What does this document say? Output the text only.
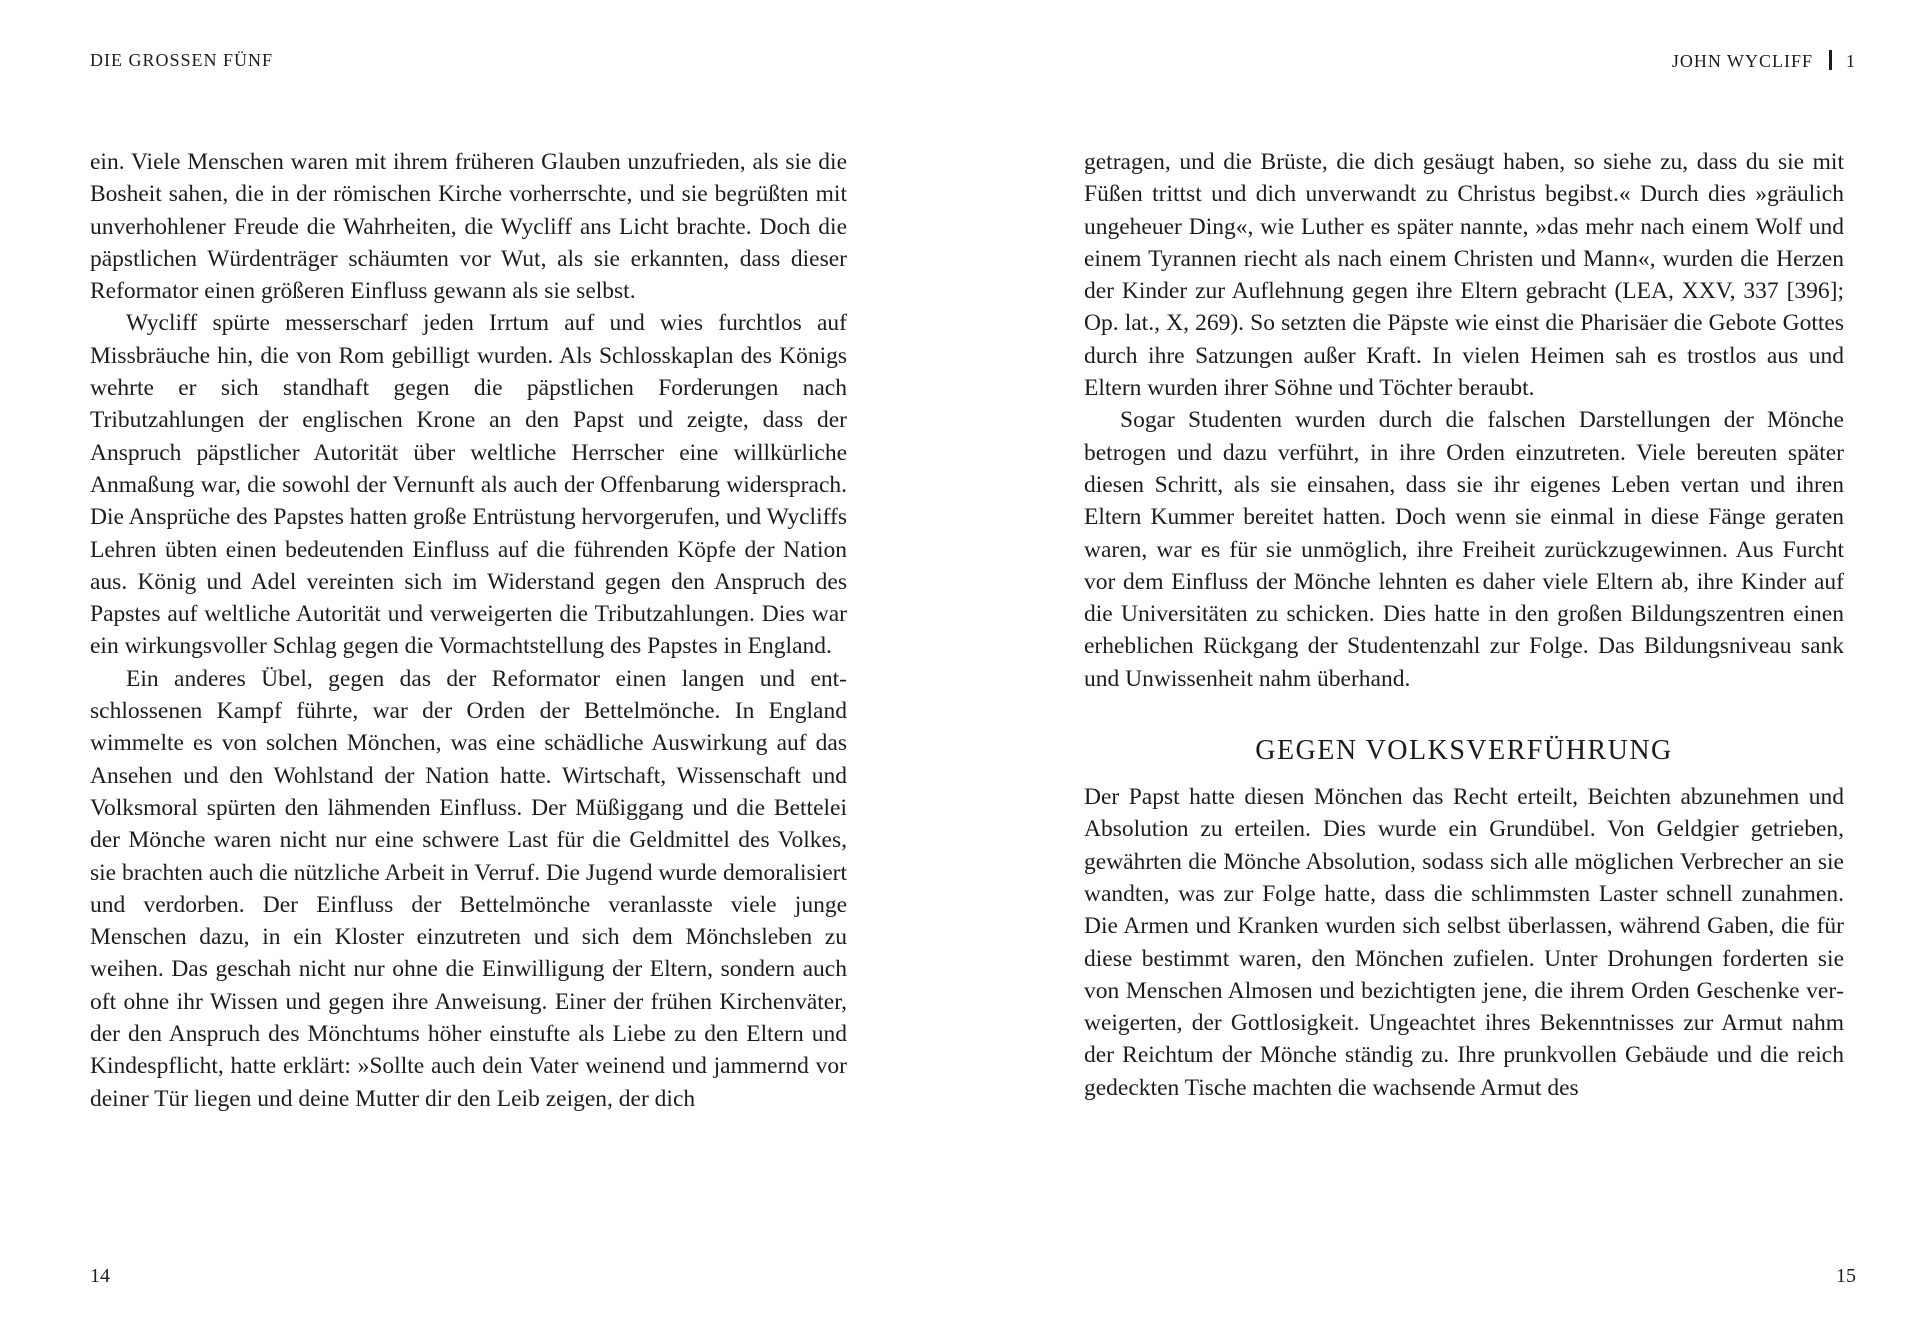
DIE GROSSEN FÜNF

ein. Viele Menschen waren mit ihrem früheren Glauben unzufrieden, als sie die Bosheit sahen, die in der römischen Kirche vorherrschte, und sie begrüßten mit unverhohlener Freude die Wahrheiten, die Wycliff ans Licht brachte. Doch die päpstlichen Würdenträger schäumten vor Wut, als sie erkannten, dass dieser Reformator einen größeren Einfluss gewann als sie selbst.

Wycliff spürte messerscharf jeden Irrtum auf und wies furchtlos auf Missbräuche hin, die von Rom gebilligt wurden. Als Schlosskaplan des Königs wehrte er sich standhaft gegen die päpstlichen Forderungen nach Tributzahlungen der englischen Krone an den Papst und zeigte, dass der Anspruch päpstlicher Autorität über weltliche Herrscher eine willkürliche Anmaßung war, die sowohl der Vernunft als auch der Offenbarung widersprach. Die Ansprüche des Papstes hatten große Entrüstung hervorgerufen, und Wycliffs Lehren übten einen bedeutenden Einfluss auf die führenden Köpfe der Nation aus. König und Adel vereinten sich im Widerstand gegen den Anspruch des Papstes auf weltliche Autorität und verweigerten die Tributzahlungen. Dies war ein wirkungsvoller Schlag gegen die Vormachtstellung des Papstes in England.

Ein anderes Übel, gegen das der Reformator einen langen und entschlossenen Kampf führte, war der Orden der Bettelmönche. In England wimmelte es von solchen Mönchen, was eine schädliche Auswirkung auf das Ansehen und den Wohlstand der Nation hatte. Wirtschaft, Wissenschaft und Volksmoral spürten den lähmenden Einfluss. Der Müßiggang und die Bettelei der Mönche waren nicht nur eine schwere Last für die Geldmittel des Volkes, sie brachten auch die nützliche Arbeit in Verruf. Die Jugend wurde demoralisiert und verdorben. Der Einfluss der Bettelmönche veranlasste viele junge Menschen dazu, in ein Kloster einzutreten und sich dem Mönchsleben zu weihen. Das geschah nicht nur ohne die Einwilligung der Eltern, sondern auch oft ohne ihr Wissen und gegen ihre Anweisung. Einer der frühen Kirchenväter, der den Anspruch des Mönchtums höher einstufte als Liebe zu den Eltern und Kindespflicht, hatte erklärt: »Sollte auch dein Vater weinend und jammernd vor deiner Tür liegen und deine Mutter dir den Leib zeigen, der dich

14
JOHN WYCLIFF 1

getragen, und die Brüste, die dich gesäugt haben, so siehe zu, dass du sie mit Füßen trittst und dich unverwandt zu Christus begibst.« Durch dies »gräulich ungeheuer Ding«, wie Luther es später nannte, »das mehr nach einem Wolf und einem Tyrannen riecht als nach einem Christen und Mann«, wurden die Herzen der Kinder zur Auflehnung gegen ihre Eltern gebracht (LEA, XXV, 337 [396]; Op. lat., X, 269). So setzten die Päpste wie einst die Pharisäer die Gebote Gottes durch ihre Satzungen außer Kraft. In vielen Heimen sah es trostlos aus und Eltern wurden ihrer Söhne und Töchter beraubt.

Sogar Studenten wurden durch die falschen Darstellungen der Mönche betrogen und dazu verführt, in ihre Orden einzutreten. Viele bereuten später diesen Schritt, als sie einsahen, dass sie ihr eigenes Leben vertan und ihren Eltern Kummer bereitet hatten. Doch wenn sie einmal in diese Fänge geraten waren, war es für sie unmöglich, ihre Freiheit zurückzugewinnen. Aus Furcht vor dem Einfluss der Mönche lehnten es daher viele Eltern ab, ihre Kinder auf die Universitäten zu schicken. Dies hatte in den großen Bildungszentren einen erheblichen Rückgang der Studentenzahl zur Folge. Das Bildungsniveau sank und Unwissenheit nahm überhand.

GEGEN VOLKSVERFÜHRUNG

Der Papst hatte diesen Mönchen das Recht erteilt, Beichten abzunehmen und Absolution zu erteilen. Dies wurde ein Grundübel. Von Geldgier getrieben, gewährten die Mönche Absolution, sodass sich alle möglichen Verbrecher an sie wandten, was zur Folge hatte, dass die schlimmsten Laster schnell zunahmen. Die Armen und Kranken wurden sich selbst überlassen, während Gaben, die für diese bestimmt waren, den Mönchen zufielen. Unter Drohungen forderten sie von Menschen Almosen und bezichtigten jene, die ihrem Orden Geschenke verweigerten, der Gottlosigkeit. Ungeachtet ihres Bekenntnisses zur Armut nahm der Reichtum der Mönche ständig zu. Ihre prunkvollen Gebäude und die reich gedeckten Tische machten die wachsende Armut des

15
